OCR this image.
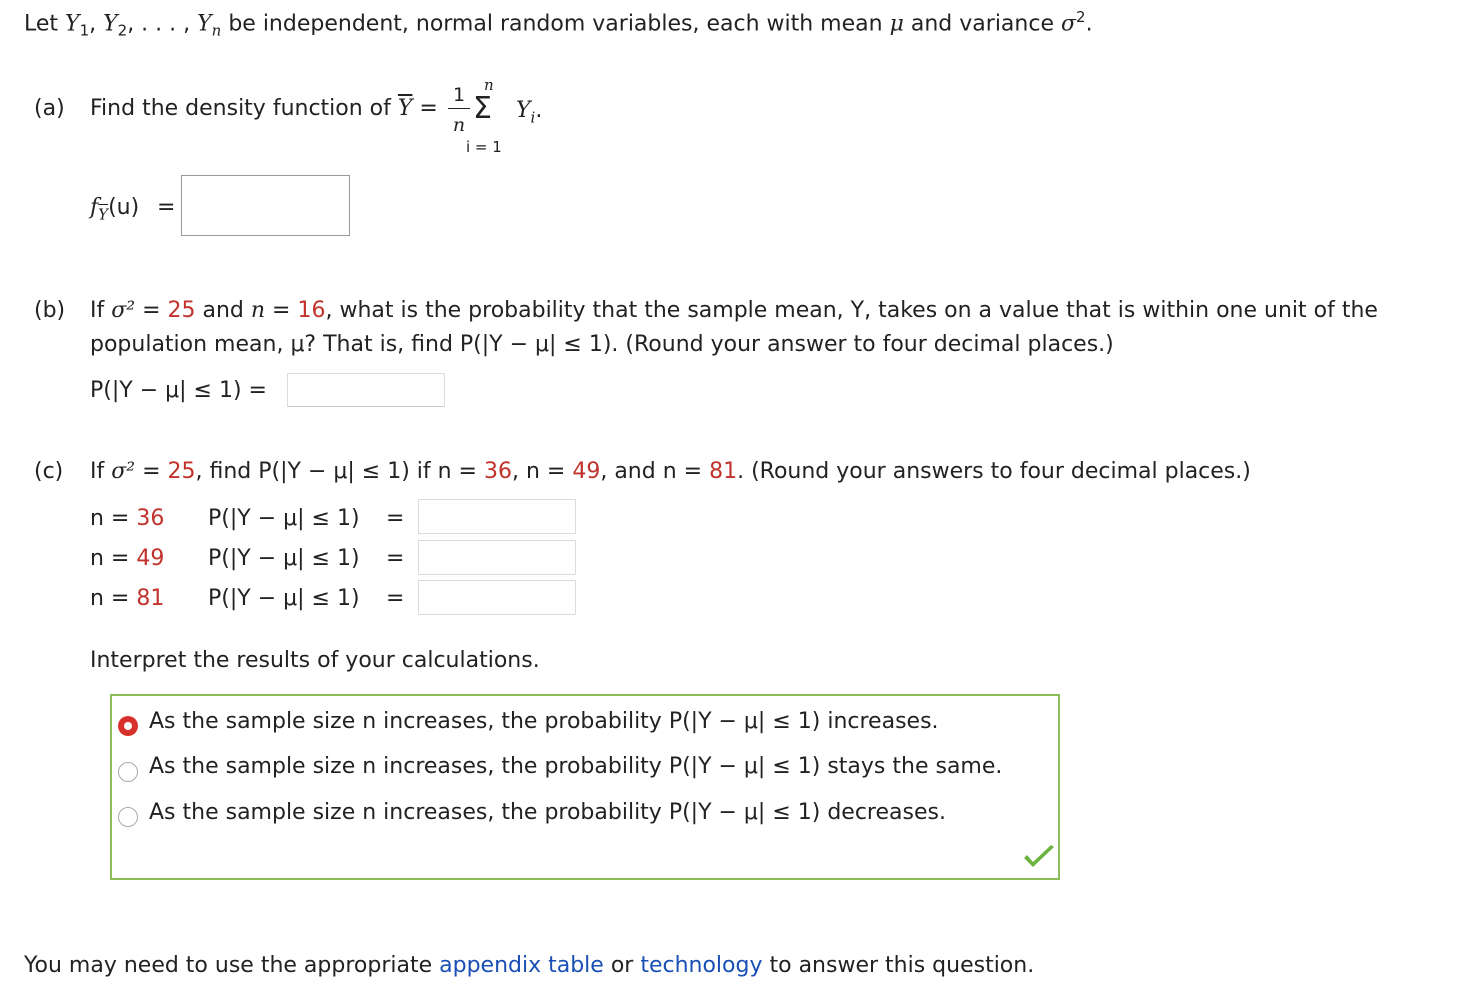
Let $Y_1$, $Y_2$, . . . , $Y_n$ be independent, normal random variables, each with mean μ and variance $\sigma^2$.
(a) Find the density function of $\overline{Y}$ =
1
n
n
Σ
i = 1
$Y_i$.
$f_{\overline{Y}}(u)$ =
(b) If σ² = 25 and n = 16, what is the probability that the sample mean, Y, takes on a value that is within one unit of the
population mean, μ? That is, find P(|Y − μ| ≤ 1). (Round your answer to four decimal places.)
P(|Y − μ| ≤ 1) =
(c) If σ² = 25, find P(|Y − μ| ≤ 1) if n = 36, n = 49, and n = 81. (Round your answers to four decimal places.)
n = 36 P(|Y − μ| ≤ 1) =
n = 49 P(|Y − μ| ≤ 1) =
n = 81 P(|Y − μ| ≤ 1) =
Interpret the results of your calculations.
As the sample size n increases, the probability P(|Y − μ| ≤ 1) increases.
As the sample size n increases, the probability P(|Y − μ| ≤ 1) stays the same.
As the sample size n increases, the probability P(|Y − μ| ≤ 1) decreases.
You may need to use the appropriate appendix table or technology to answer this question.
